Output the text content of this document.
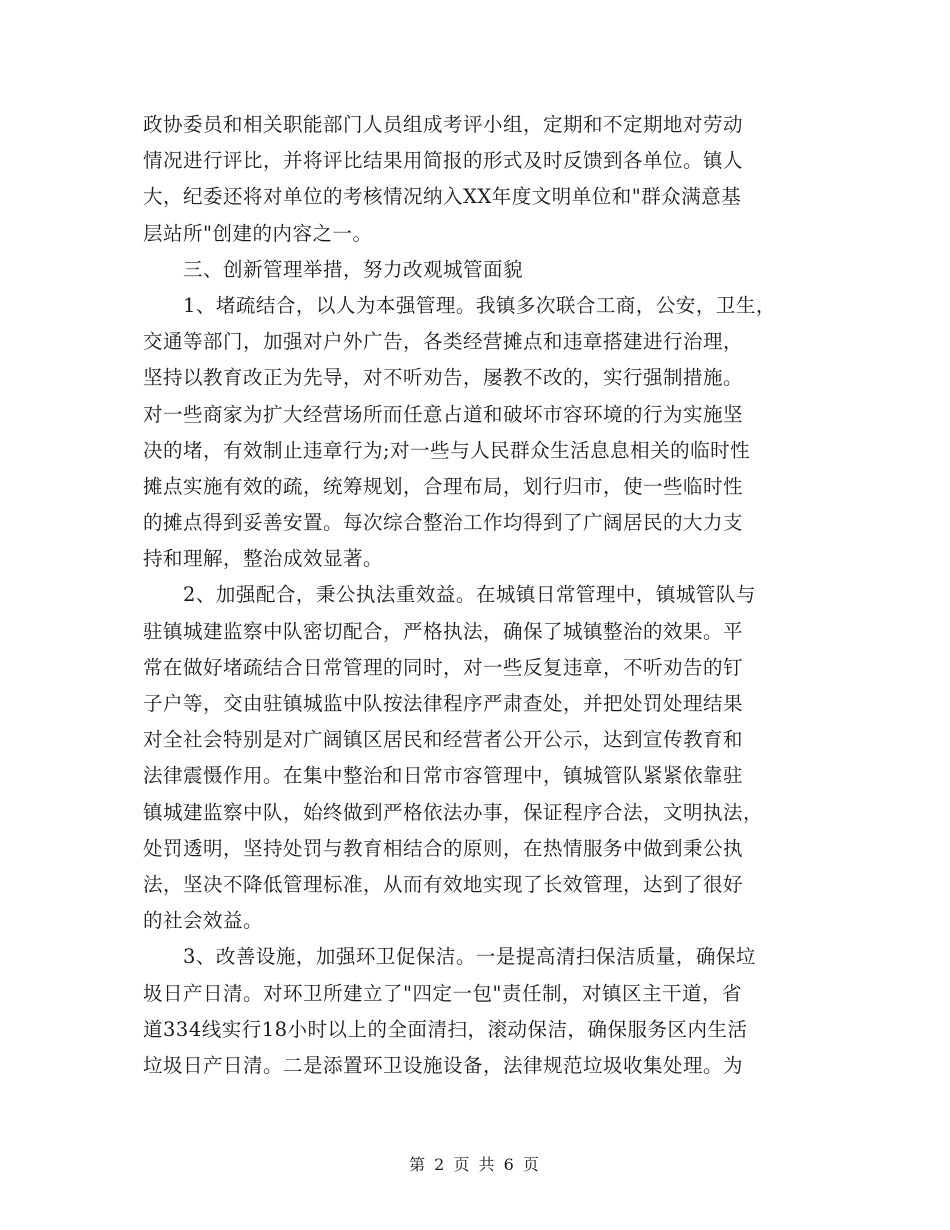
政协委员和相关职能部门人员组成考评小组，定期和不定期地对劳动
情况进行评比，并将评比结果用简报的形式及时反馈到各单位。镇人
大，纪委还将对单位的考核情况纳入XX年度文明单位和"群众满意基
层站所"创建的内容之一。
三、创新管理举措，努力改观城管面貌
1、堵疏结合，以人为本强管理。我镇多次联合工商，公安，卫生，
交通等部门，加强对户外广告，各类经营摊点和违章搭建进行治理，
坚持以教育改正为先导，对不听劝告，屡教不改的，实行强制措施。
对一些商家为扩大经营场所而任意占道和破坏市容环境的行为实施坚
决的堵，有效制止违章行为;对一些与人民群众生活息息相关的临时性
摊点实施有效的疏，统筹规划，合理布局，划行归市，使一些临时性
的摊点得到妥善安置。每次综合整治工作均得到了广阔居民的大力支
持和理解，整治成效显著。
2、加强配合，秉公执法重效益。在城镇日常管理中，镇城管队与
驻镇城建监察中队密切配合，严格执法，确保了城镇整治的效果。平
常在做好堵疏结合日常管理的同时，对一些反复违章，不听劝告的钉
子户等，交由驻镇城监中队按法律程序严肃查处，并把处罚处理结果
对全社会特别是对广阔镇区居民和经营者公开公示，达到宣传教育和
法律震慑作用。在集中整治和日常市容管理中，镇城管队紧紧依靠驻
镇城建监察中队，始终做到严格依法办事，保证程序合法，文明执法，
处罚透明，坚持处罚与教育相结合的原则，在热情服务中做到秉公执
法，坚决不降低管理标准，从而有效地实现了长效管理，达到了很好
的社会效益。
3、改善设施，加强环卫促保洁。一是提高清扫保洁质量，确保垃
圾日产日清。对环卫所建立了"四定一包"责任制，对镇区主干道，省
道334线实行18小时以上的全面清扫，滚动保洁，确保服务区内生活
垃圾日产日清。二是添置环卫设施设备，法律规范垃圾收集处理。为
第 2 页 共 6 页
